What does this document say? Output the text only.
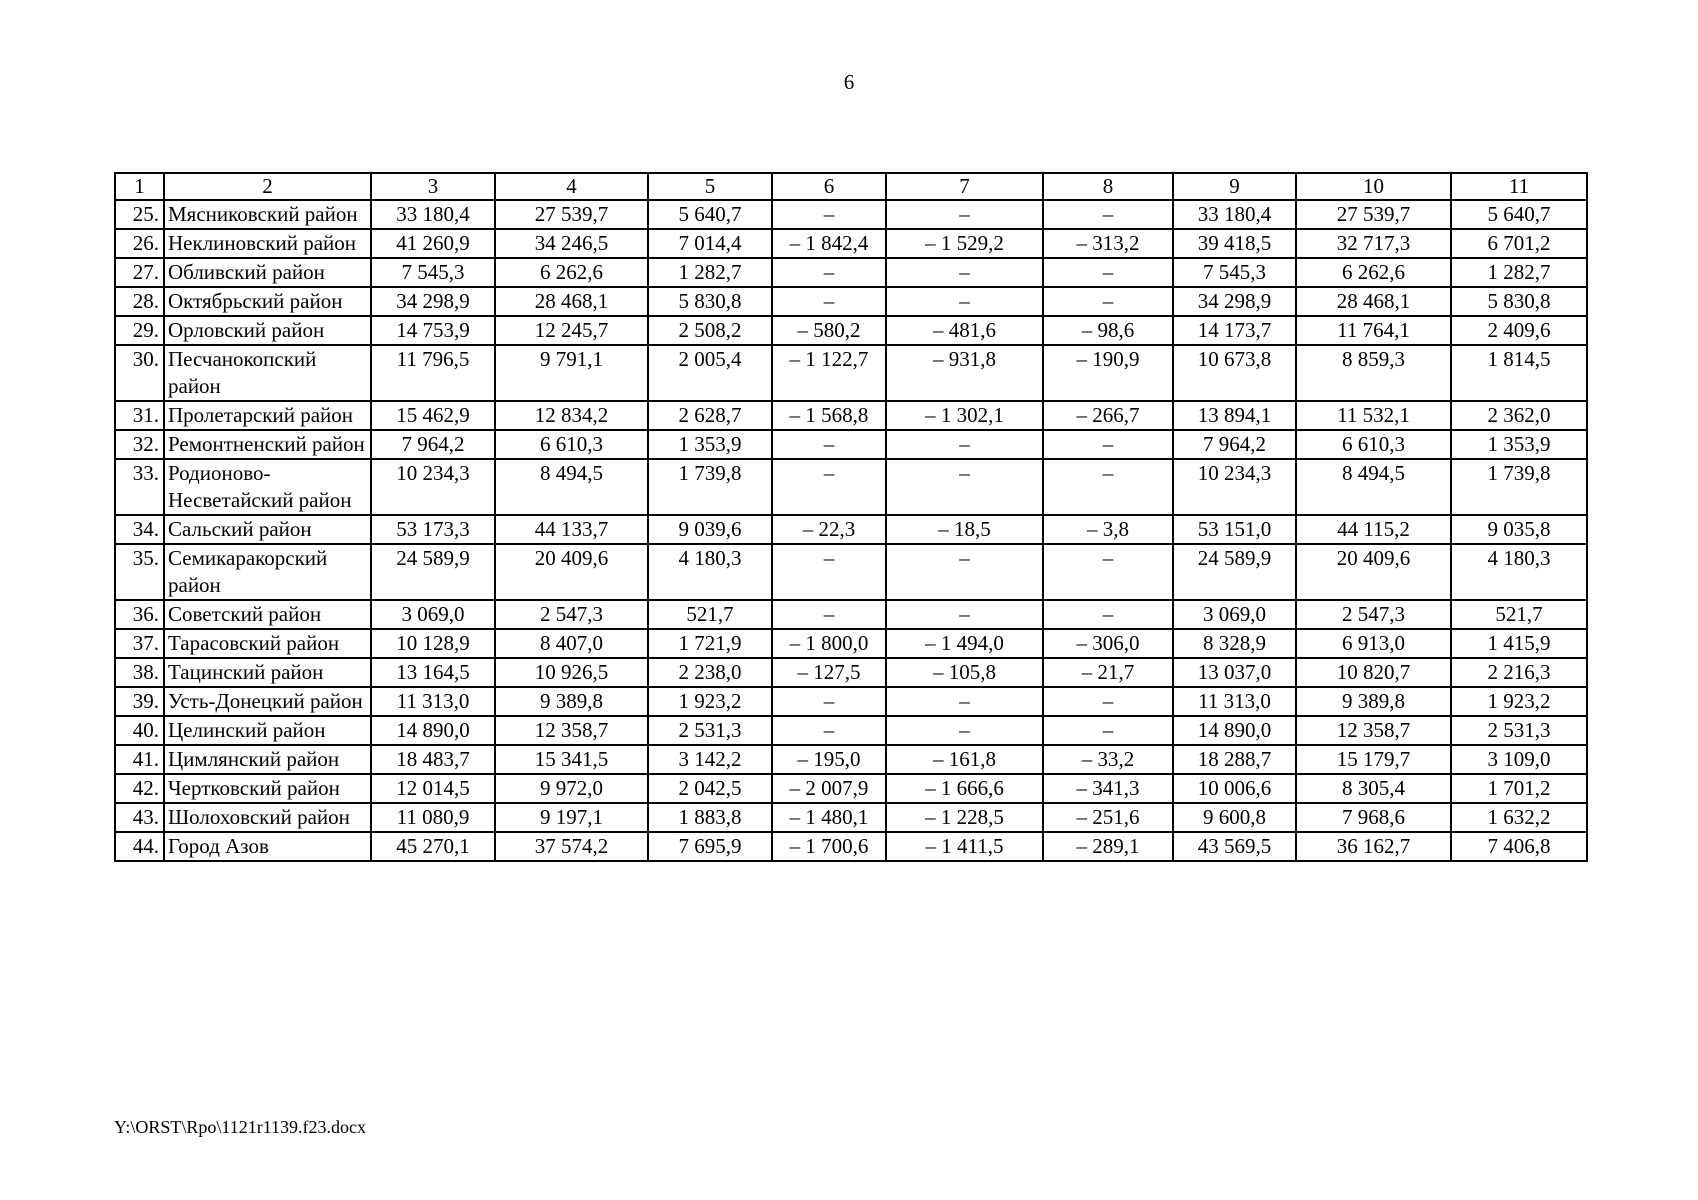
6
1	2	3	4	5	6	7	8	9	10	11
25.	Мясниковский район	33 180,4	27 539,7	5 640,7	–	–	–	33 180,4	27 539,7	5 640,7
26.	Неклиновский район	41 260,9	34 246,5	7 014,4	– 1 842,4	– 1 529,2	– 313,2	39 418,5	32 717,3	6 701,2
27.	Обливский район	7 545,3	6 262,6	1 282,7	–	–	–	7 545,3	6 262,6	1 282,7
28.	Октябрьский район	34 298,9	28 468,1	5 830,8	–	–	–	34 298,9	28 468,1	5 830,8
29.	Орловский район	14 753,9	12 245,7	2 508,2	– 580,2	– 481,6	– 98,6	14 173,7	11 764,1	2 409,6
30.	Песчанокопский район	11 796,5	9 791,1	2 005,4	– 1 122,7	– 931,8	– 190,9	10 673,8	8 859,3	1 814,5
31.	Пролетарский район	15 462,9	12 834,2	2 628,7	– 1 568,8	– 1 302,1	– 266,7	13 894,1	11 532,1	2 362,0
32.	Ремонтненский район	7 964,2	6 610,3	1 353,9	–	–	–	7 964,2	6 610,3	1 353,9
33.	Родионово-Несветайский район	10 234,3	8 494,5	1 739,8	–	–	–	10 234,3	8 494,5	1 739,8
34.	Сальский район	53 173,3	44 133,7	9 039,6	– 22,3	– 18,5	– 3,8	53 151,0	44 115,2	9 035,8
35.	Семикаракорский район	24 589,9	20 409,6	4 180,3	–	–	–	24 589,9	20 409,6	4 180,3
36.	Советский район	3 069,0	2 547,3	521,7	–	–	–	3 069,0	2 547,3	521,7
37.	Тарасовский район	10 128,9	8 407,0	1 721,9	– 1 800,0	– 1 494,0	– 306,0	8 328,9	6 913,0	1 415,9
38.	Тацинский район	13 164,5	10 926,5	2 238,0	– 127,5	– 105,8	– 21,7	13 037,0	10 820,7	2 216,3
39.	Усть-Донецкий район	11 313,0	9 389,8	1 923,2	–	–	–	11 313,0	9 389,8	1 923,2
40.	Целинский район	14 890,0	12 358,7	2 531,3	–	–	–	14 890,0	12 358,7	2 531,3
41.	Цимлянский район	18 483,7	15 341,5	3 142,2	– 195,0	– 161,8	– 33,2	18 288,7	15 179,7	3 109,0
42.	Чертковский район	12 014,5	9 972,0	2 042,5	– 2 007,9	– 1 666,6	– 341,3	10 006,6	8 305,4	1 701,2
43.	Шолоховский район	11 080,9	9 197,1	1 883,8	– 1 480,1	– 1 228,5	– 251,6	9 600,8	7 968,6	1 632,2
44.	Город Азов	45 270,1	37 574,2	7 695,9	– 1 700,6	– 1 411,5	– 289,1	43 569,5	36 162,7	7 406,8
Y:\ORST\Rpo\1121r1139.f23.docx
